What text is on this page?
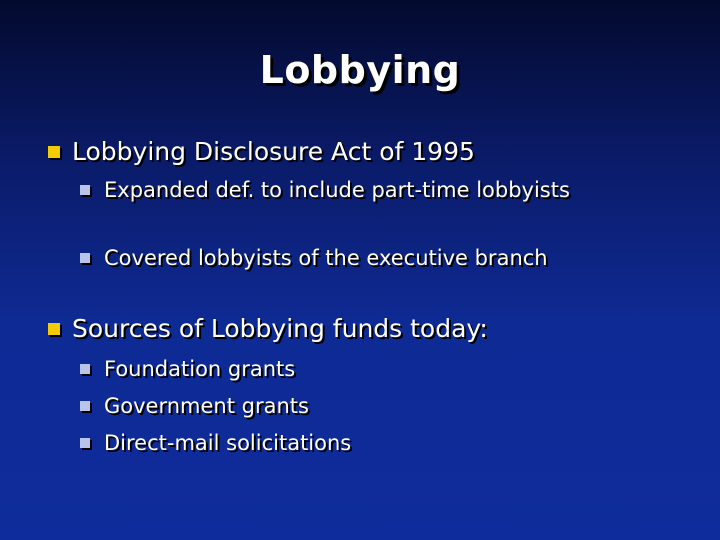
Lobbying
Lobbying Disclosure Act of 1995
Expanded def. to include part-time lobbyists
Covered lobbyists of the executive branch
Sources of Lobbying funds today:
Foundation grants
Government grants
Direct-mail solicitations
